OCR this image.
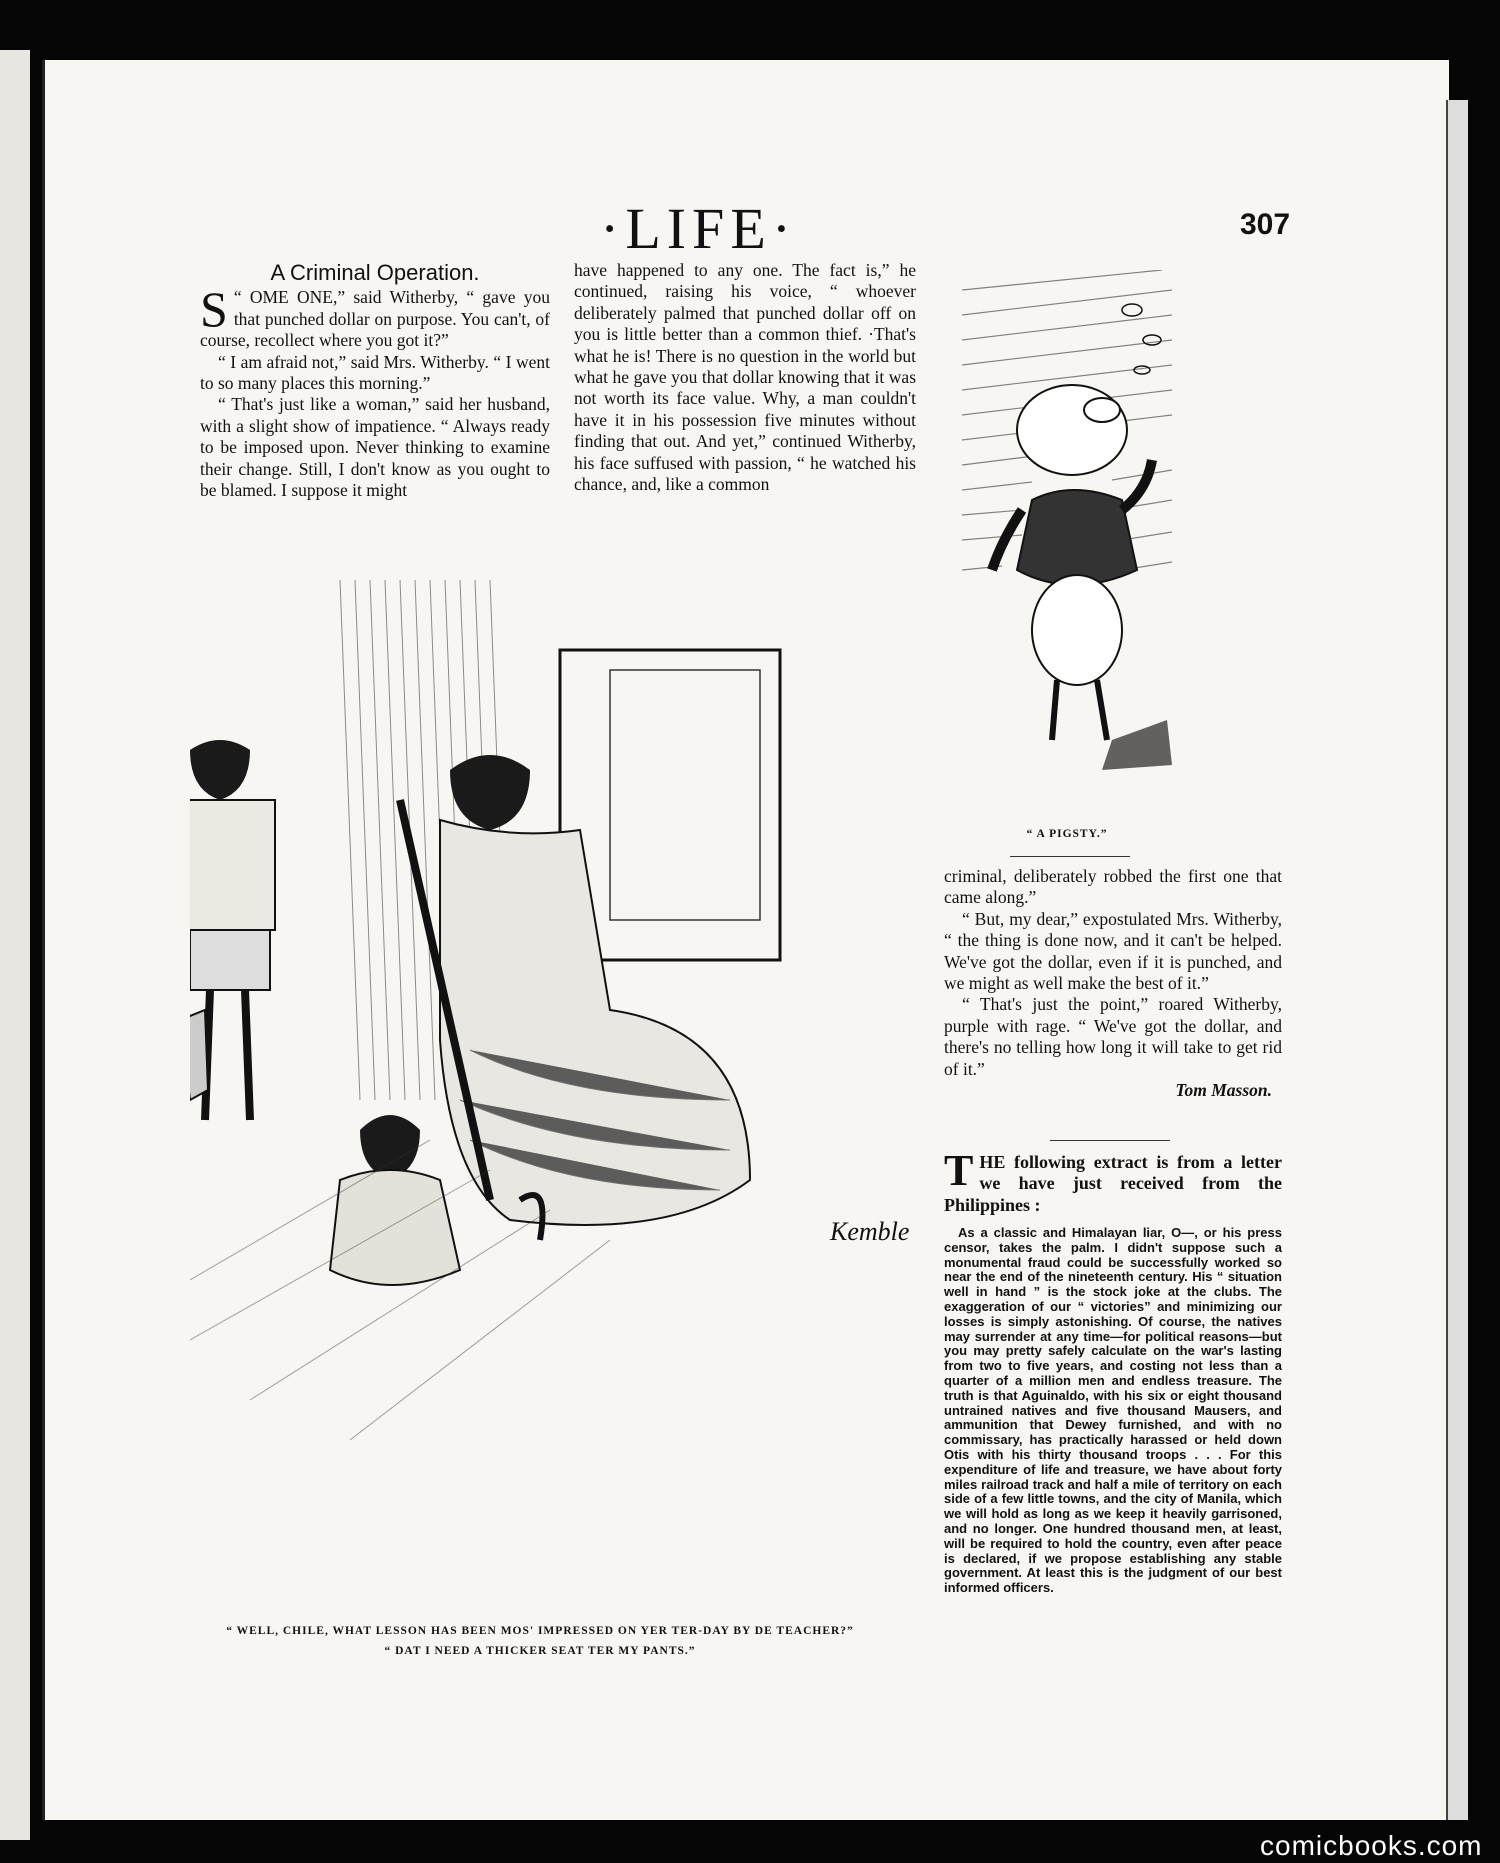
·LIFE·	307
A Criminal Operation.
S “ OME ONE,” said Witherby, “ gave you that punched dollar on purpose. You can't, of course, recollect where you got it?”

“ I am afraid not,” said Mrs. Witherby. “ I went to so many places this morning.”

“ That's just like a woman,” said her husband, with a slight show of impatience. “ Always ready to be imposed upon. Never thinking to examine their change. Still, I don't know as you ought to be blamed. I suppose it might

have happened to any one. The fact is,” he continued, raising his voice, “ whoever deliberately palmed that punched dollar off on you is little better than a common thief. ·That's what he is! There is no question in the world but what he gave you that dollar knowing that it was not worth its face value. Why, a man couldn't have it in his possession five minutes without finding that out. And yet,” continued Witherby, his face suffused with passion, “ he watched his chance, and, like a common

“ A PIGSTY.”

criminal, deliberately robbed the first one that came along.”

“ But, my dear,” expostulated Mrs. Witherby, “ the thing is done now, and it can't be helped. We've got the dollar, even if it is punched, and we might as well make the best of it.”

“ That's just the point,” roared Witherby, purple with rage. “ We've got the dollar, and there's no telling how long it will take to get rid of it.”

Tom Masson.
T HE following extract is from a letter we have just received from the Philippines :

As a classic and Himalayan liar, O—, or his press censor, takes the palm. I didn't suppose such a monumental fraud could be successfully worked so near the end of the nineteenth century. His “ situation well in hand ” is the stock joke at the clubs. The exaggeration of our “ victories” and minimizing our losses is simply astonishing. Of course, the natives may surrender at any time—for political reasons—but you may pretty safely calculate on the war's lasting from two to five years, and costing not less than a quarter of a million men and endless treasure. The truth is that Aguinaldo, with his six or eight thousand untrained natives and five thousand Mausers, and ammunition that Dewey furnished, and with no commissary, has practically harassed or held down Otis with his thirty thousand troops . . . For this expenditure of life and treasure, we have about forty miles railroad track and half a mile of territory on each side of a few little towns, and the city of Manila, which we will hold as long as we keep it heavily garrisoned, and no longer. One hundred thousand men, at least, will be required to hold the country, even after peace is declared, if we propose establishing any stable government. At least this is the judgment of our best informed officers.

Kemble
“ WELL, CHILE, WHAT LESSON HAS BEEN MOS' IMPRESSED ON YER TER-DAY BY DE TEACHER?”
“ DAT I NEED A THICKER SEAT TER MY PANTS.”
comicbooks.com
